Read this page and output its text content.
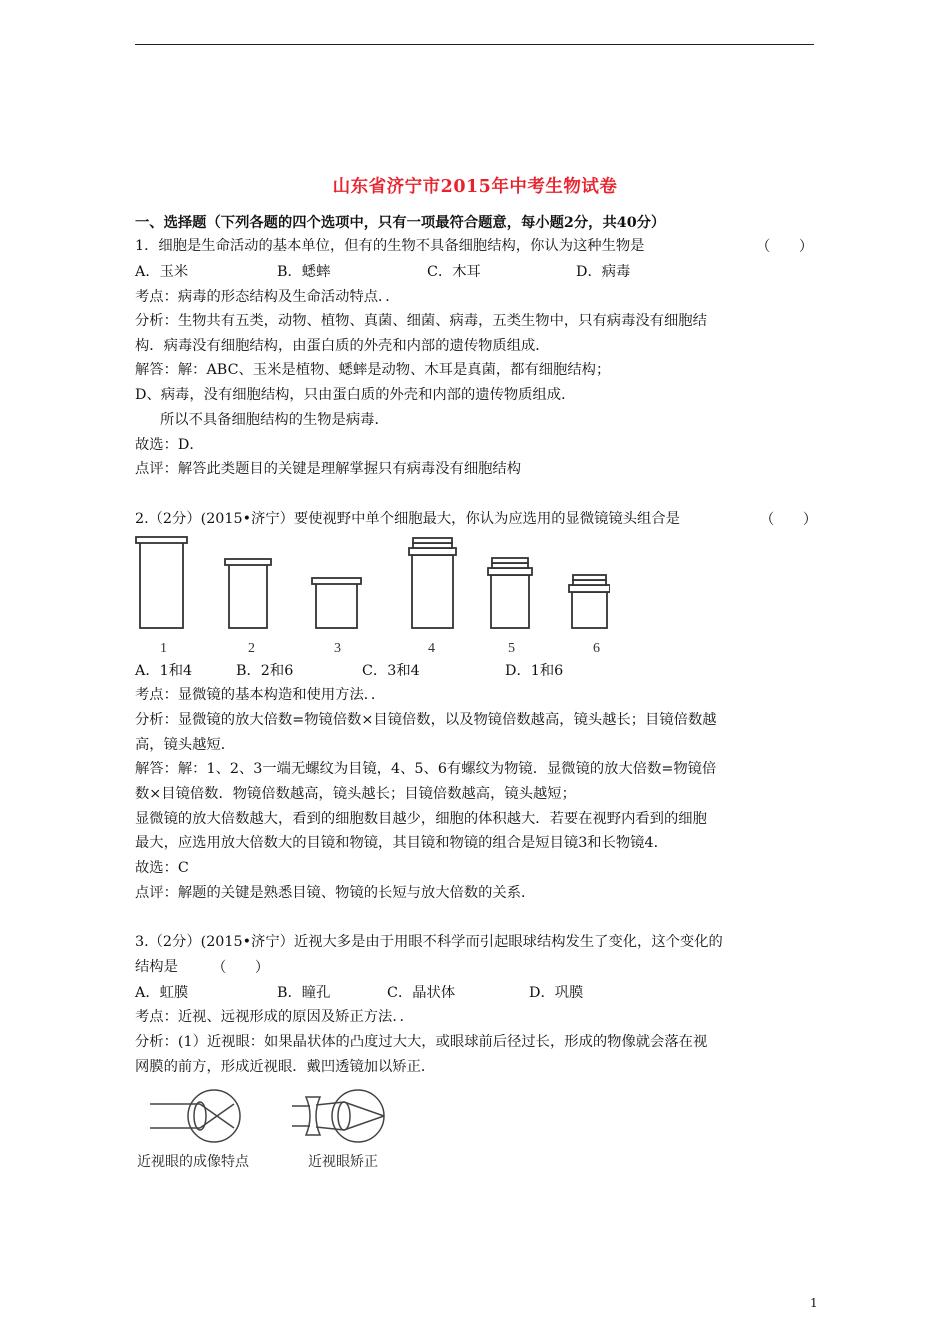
山东省济宁市2015年中考生物试卷
一、选择题（下列各题的四个选项中，只有一项最符合题意，每小题2分，共40分）
1．细胞是生命活动的基本单位，但有的生物不具备细胞结构，你认为这种生物是	（　　）
A．玉米	B．蟋蟀	C．木耳	D．病毒
考点：病毒的形态结构及生命活动特点．．
分析：生物共有五类，动物、植物、真菌、细菌、病毒，五类生物中，只有病毒没有细胞结
构．病毒没有细胞结构，由蛋白质的外壳和内部的遗传物质组成．
解答：解：ABC、玉米是植物、蟋蟀是动物、木耳是真菌，都有细胞结构；
D、病毒，没有细胞结构，只由蛋白质的外壳和内部的遗传物质组成．
所以不具备细胞结构的生物是病毒．
故选：D．
点评：解答此类题目的关键是理解掌握只有病毒没有细胞结构
2.（2分）(2015•济宁）要使视野中单个细胞最大，你认为应选用的显微镜镜头组合是	（　　）
1	2	3	4	5	6
A．1和4	B．2和6	C．3和4	D．1和6
考点：显微镜的基本构造和使用方法．．
分析：显微镜的放大倍数=物镜倍数×目镜倍数，以及物镜倍数越高，镜头越长；目镜倍数越
高，镜头越短．
解答：解：1、2、3一端无螺纹为目镜，4、5、6有螺纹为物镜．显微镜的放大倍数=物镜倍
数×目镜倍数．物镜倍数越高，镜头越长；目镜倍数越高，镜头越短；
显微镜的放大倍数越大，看到的细胞数目越少，细胞的体积越大．若要在视野内看到的细胞
最大，应选用放大倍数大的目镜和物镜，其目镜和物镜的组合是短目镜3和长物镜4．
故选：C
点评：解题的关键是熟悉目镜、物镜的长短与放大倍数的关系．
3.（2分）(2015•济宁）近视大多是由于用眼不科学而引起眼球结构发生了变化，这个变化的
结构是 （　　）
A．虹膜	B．瞳孔	C．晶状体	D．巩膜
考点：近视、远视形成的原因及矫正方法．．
分析：(1）近视眼：如果晶状体的凸度过大大，或眼球前后径过长，形成的物像就会落在视
网膜的前方，形成近视眼．戴凹透镜加以矫正．
近视眼的成像特点	近视眼矫正
1
